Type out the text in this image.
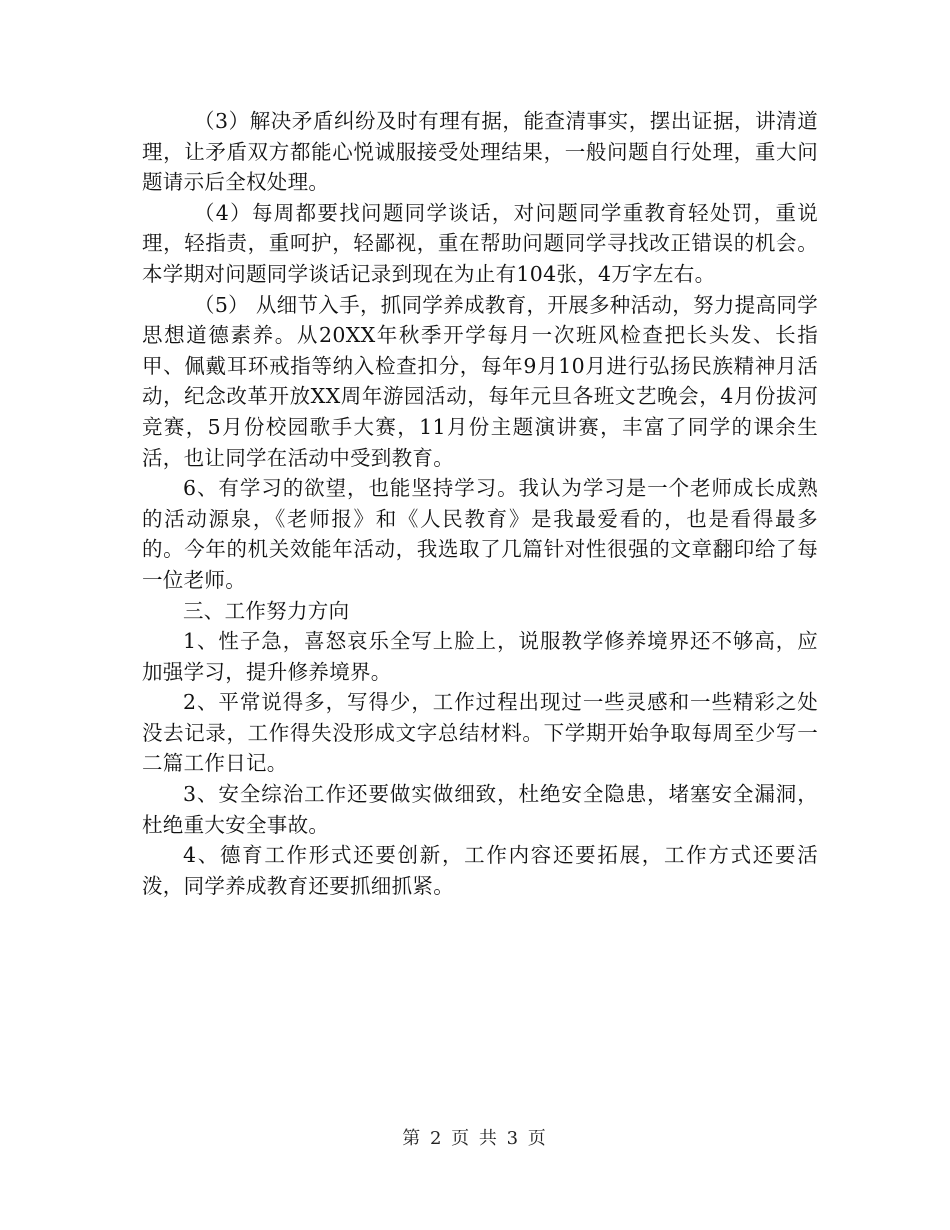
（3）解决矛盾纠纷及时有理有据，能查清事实，摆出证据，讲清道理，让矛盾双方都能心悦诚服接受处理结果，一般问题自行处理，重大问题请示后全权处理。

（4）每周都要找问题同学谈话，对问题同学重教育轻处罚，重说理，轻指责，重呵护，轻鄙视，重在帮助问题同学寻找改正错误的机会。本学期对问题同学谈话记录到现在为止有104张，4万字左右。

（5） 从细节入手，抓同学养成教育，开展多种活动，努力提高同学思想道德素养。从20XX年秋季开学每月一次班风检查把长头发、长指甲、佩戴耳环戒指等纳入检查扣分，每年9月10月进行弘扬民族精神月活动，纪念改革开放XX周年游园活动，每年元旦各班文艺晚会，4月份拔河竞赛，5月份校园歌手大赛，11月份主题演讲赛，丰富了同学的课余生活，也让同学在活动中受到教育。

6、有学习的欲望，也能坚持学习。我认为学习是一个老师成长成熟的活动源泉，《老师报》和《人民教育》是我最爱看的，也是看得最多的。今年的机关效能年活动，我选取了几篇针对性很强的文章翻印给了每一位老师。

三、工作努力方向

1、性子急，喜怒哀乐全写上脸上，说服教学修养境界还不够高，应加强学习，提升修养境界。

2、平常说得多，写得少，工作过程出现过一些灵感和一些精彩之处没去记录，工作得失没形成文字总结材料。下学期开始争取每周至少写一二篇工作日记。

3、安全综治工作还要做实做细致，杜绝安全隐患，堵塞安全漏洞，杜绝重大安全事故。

4、德育工作形式还要创新，工作内容还要拓展，工作方式还要活泼，同学养成教育还要抓细抓紧。

第 2 页 共 3 页
